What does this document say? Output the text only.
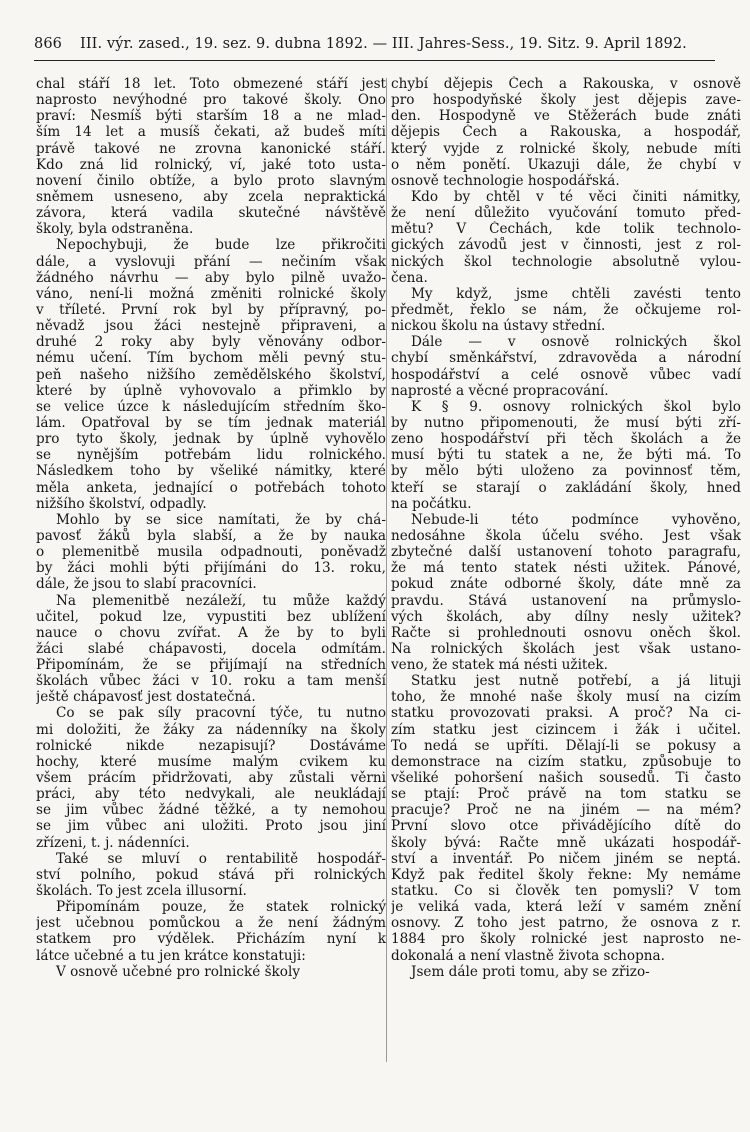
866 III. výr. zased., 19. sez. 9. dubna 1892. — III. Jahres-Sess., 19. Sitz. 9. April 1892.
chal stáří 18 let. Toto obmezené stáří jest
naprosto nevýhodné pro takové školy. Ono
praví: Nesmíš býti starším 18 a ne mlad-
ším 14 let a musíš čekati, až budeš míti
právě takové ne zrovna kanonické stáří.
Kdo zná lid rolnický, ví, jaké toto usta-
novení činilo obtíže, a bylo proto slavným
sněmem usneseno, aby zcela nepraktická
závora, která vadila skutečné návštěvě
školy, byla odstraněna.
Nepochybuji, že bude lze přikročiti
dále, a vyslovuji přání — nečiním však
žádného návrhu — aby bylo pilně uvažo-
váno, není-li možná změniti rolnické školy
v tříleté. První rok byl by přípravný, po-
něvadž jsou žáci nestejně připraveni, a
druhé 2 roky aby byly věnovány odbor-
nému učení. Tím bychom měli pevný stu-
peň našeho nižšího zemědělského školství,
které by úplně vyhovovalo a přimklo by
se velice úzce k následujícím středním ško-
lám. Opatřoval by se tím jednak materiál
pro tyto školy, jednak by úplně vyhovělo
se nynějším potřebám lidu rolnického.
Následkem toho by všeliké námitky, které
měla anketa, jednající o potřebách tohoto
nižšího školství, odpadly.
Mohlo by se sice namítati, že by chá-
pavosť žáků byla slabší, a že by nauka
o plemenitbě musila odpadnouti, poněvadž
by žáci mohli býti přijímáni do 13. roku,
dále, že jsou to slabí pracovníci.
Na plemenitbě nezáleží, tu může každý
učitel, pokud lze, vypustiti bez ublížení
nauce o chovu zvířat. A že by to byli
žáci slabé chápavosti, docela odmítám.
Připomínám, že se přijímají na středních
školách vůbec žáci v 10. roku a tam menší
ještě chápavosť jest dostatečná.
Co se pak síly pracovní týče, tu nutno
mi doložiti, že žáky za nádenníky na školy
rolnické nikde nezapisují? Dostáváme
hochy, které musíme malým cvikem ku
všem prácím přidržovati, aby zůstali věrni
práci, aby této nedvykali, ale neukládají
se jim vůbec žádné těžké, a ty nemohou
se jim vůbec ani uložiti. Proto jsou jiní
zřízeni, t. j. nádenníci.
Také se mluví o rentabilitě hospodář-
ství polního, pokud stává při rolnických
školách. To jest zcela illusorní.
Připomínám pouze, že statek rolnický
jest učebnou pomůckou a že není žádným
statkem pro výdělek. Přicházím nyní k
látce učebné a tu jen krátce konstatuji:
V osnově učebné pro rolnické školy
chybí dějepis Čech a Rakouska, v osnově
pro hospodyňské školy jest dějepis zave-
den. Hospodyně ve Stěžerách bude znáti
dějepis Čech a Rakouska, a hospodář,
který vyjde z rolnické školy, nebude míti
o něm ponětí. Ukazuji dále, že chybí v
osnově technologie hospodářská.
Kdo by chtěl v té věci činiti námitky,
že není důležito vyučování tomuto před-
mětu? V Čechách, kde tolik technolo-
gických závodů jest v činnosti, jest z rol-
nických škol technologie absolutně vylou-
čena.
My když, jsme chtěli zavésti tento
předmět, řeklo se nám, že očkujeme rol-
nickou školu na ústavy střední.
Dále — v osnově rolnických škol
chybí směnkářství, zdravověda a národní
hospodářství a celé osnově vůbec vadí
naprosté a věcné propracování.
K § 9. osnovy rolnických škol bylo
by nutno připomenouti, že musí býti zří-
zeno hospodářství při těch školách a že
musí býti tu statek a ne, že býti má. To
by mělo býti uloženo za povinnosť těm,
kteří se starají o zakládání školy, hned
na počátku.
Nebude-li této podmínce vyhověno,
nedosáhne škola účelu svého. Jest však
zbytečné další ustanovení tohoto paragrafu,
že má tento statek nésti užitek. Pánové,
pokud znáte odborné školy, dáte mně za
pravdu. Stává ustanovení na průmyslo-
vých školách, aby dílny nesly užitek?
Račte si prohlednouti osnovu oněch škol.
Na rolnických školách jest však ustano-
veno, že statek má nésti užitek.
Statku jest nutně potřebí, a já lituji
toho, že mnohé naše školy musí na cizím
statku provozovati praksi. A proč? Na ci-
zím statku jest cizincem i žák i učitel.
To nedá se upříti. Dělají-li se pokusy a
demonstrace na cizím statku, způsobuje to
všeliké pohoršení našich sousedů. Ti často
se ptají: Proč právě na tom statku se
pracuje? Proč ne na jiném — na mém?
První slovo otce přivádějícího dítě do
školy bývá: Račte mně ukázati hospodář-
ství a inventář. Po ničem jiném se neptá.
Když pak ředitel školy řekne: My nemáme
statku. Co si člověk ten pomysli? V tom
je veliká vada, která leží v samém znění
osnovy. Z toho jest patrno, že osnova z r.
1884 pro školy rolnické jest naprosto ne-
dokonalá a není vlastně života schopna.
Jsem dále proti tomu, aby se zřizo-
